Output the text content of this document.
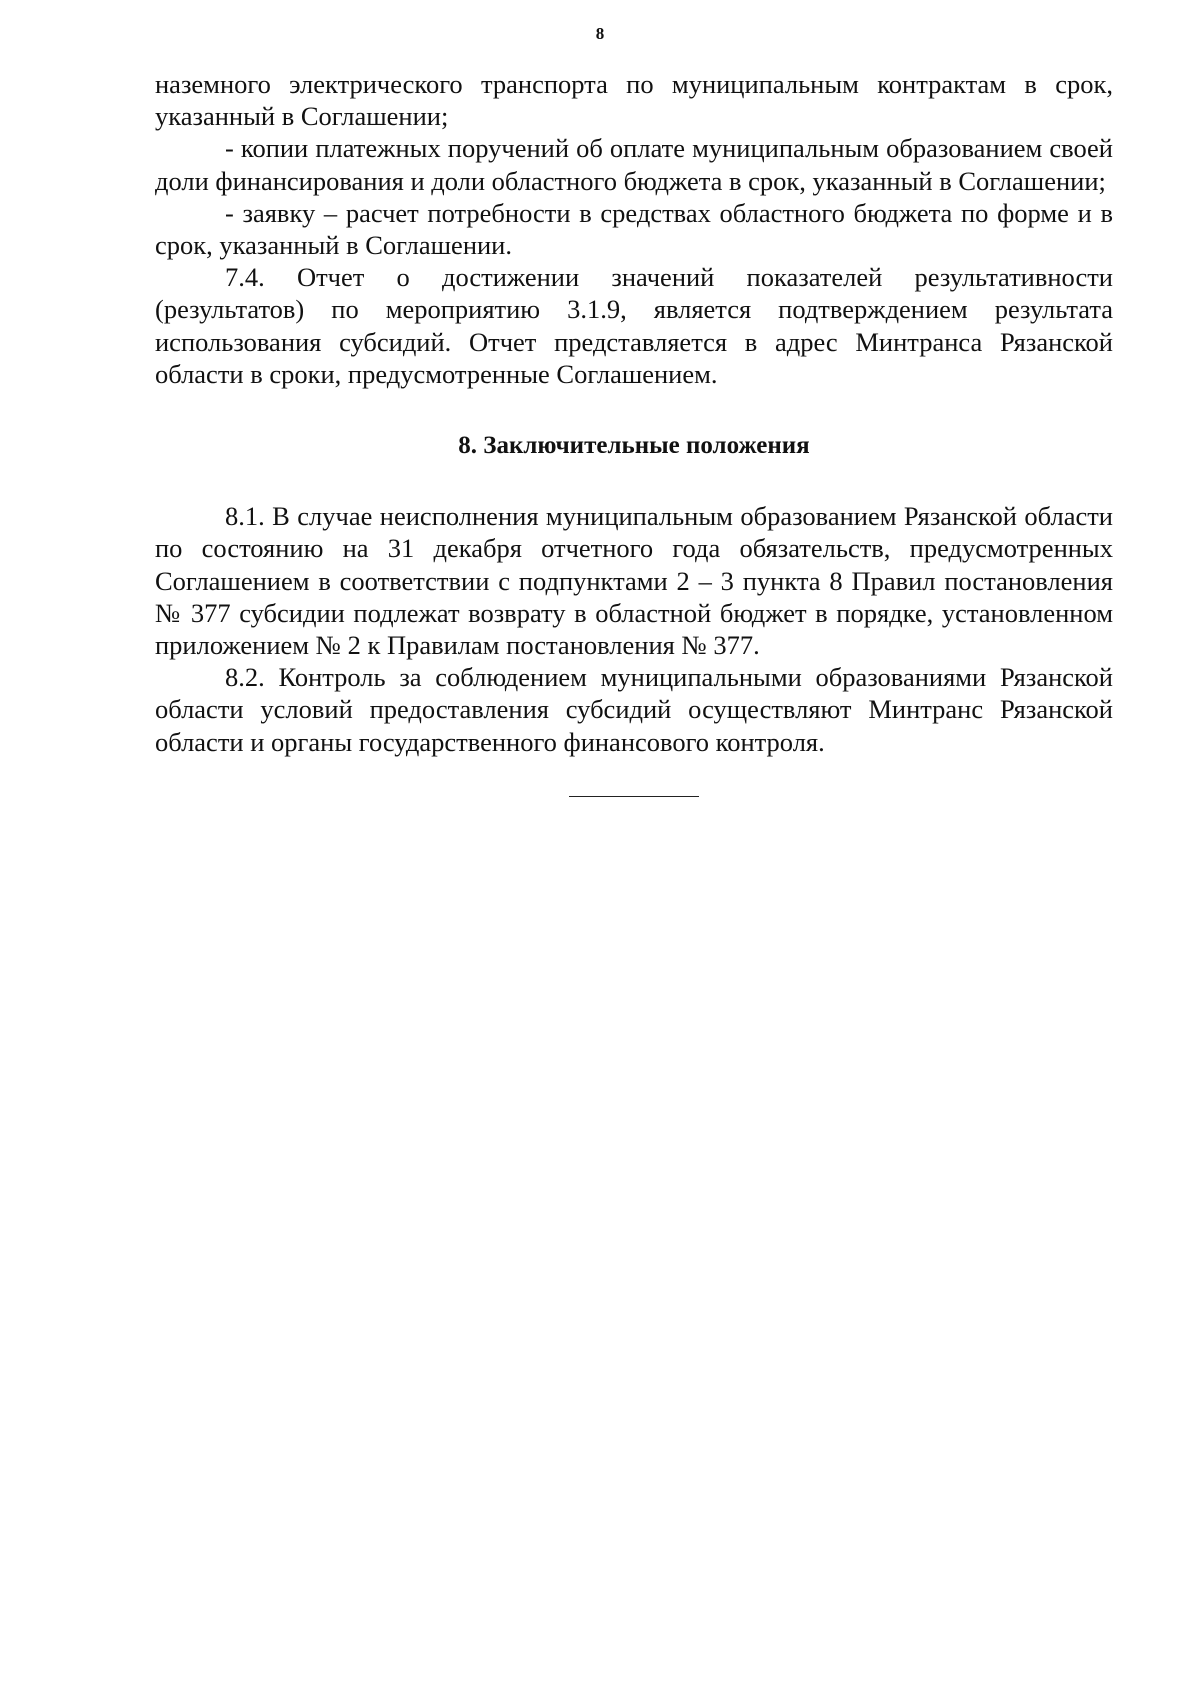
8

наземного электрического транспорта по муниципальным контрактам в срок, указанный в Соглашении;

- копии платежных поручений об оплате муниципальным образованием своей доли финансирования и доли областного бюджета в срок, указанный в Соглашении;

- заявку – расчет потребности в средствах областного бюджета по форме и в срок, указанный в Соглашении.

7.4. Отчет о достижении значений показателей результативности (результатов) по мероприятию 3.1.9, является подтверждением результата использования субсидий. Отчет представляется в адрес Минтранса Рязанской области в сроки, предусмотренные Соглашением.

8. Заключительные положения

8.1. В случае неисполнения муниципальным образованием Рязанской области по состоянию на 31 декабря отчетного года обязательств, предусмотренных Соглашением в соответствии с подпунктами 2 – 3 пункта 8 Правил постановления № 377 субсидии подлежат возврату в областной бюджет в порядке, установленном приложением № 2 к Правилам постановления № 377.

8.2. Контроль за соблюдением муниципальными образованиями Рязанской области условий предоставления субсидий осуществляют Минтранс Рязанской области и органы государственного финансового контроля.
